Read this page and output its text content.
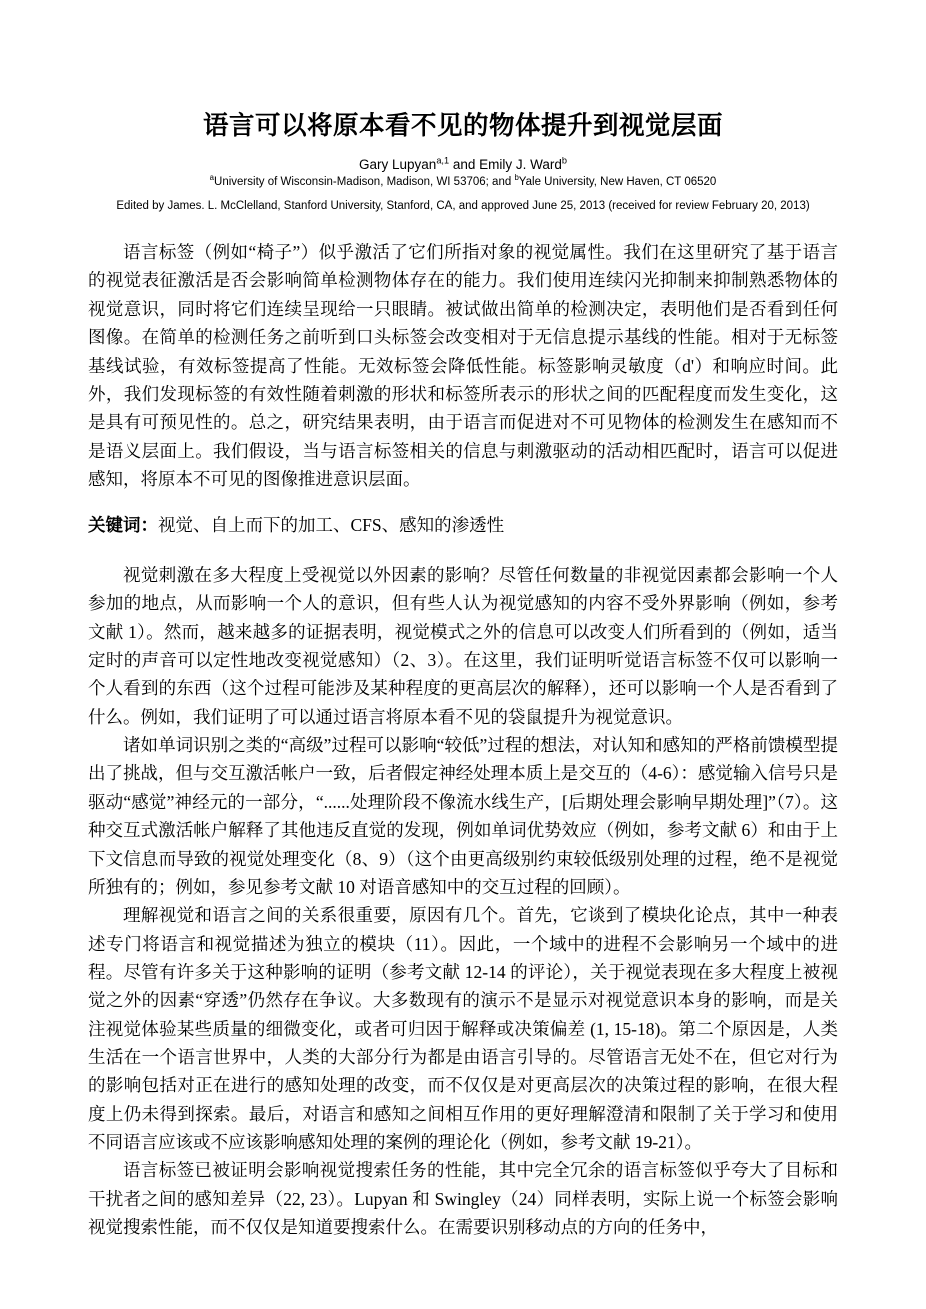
语言可以将原本看不见的物体提升到视觉层面
Gary Lupyan$^{a,1}$ and Emily J. Ward$^b$
$^a$University of Wisconsin-Madison, Madison, WI 53706; and $^b$Yale University, New Haven, CT 06520
Edited by James. L. McClelland, Stanford University, Stanford, CA, and approved June 25, 2013 (received for review February 20, 2013)

语言标签（例如“椅子”）似乎激活了它们所指对象的视觉属性。我们在这里研究了基于语言的视觉表征激活是否会影响简单检测物体存在的能力。我们使用连续闪光抑制来抑制熟悉物体的视觉意识，同时将它们连续呈现给一只眼睛。被试做出简单的检测决定，表明他们是否看到任何图像。在简单的检测任务之前听到口头标签会改变相对于无信息提示基线的性能。相对于无标签基线试验，有效标签提高了性能。无效标签会降低性能。标签影响灵敏度（d'）和响应时间。此外，我们发现标签的有效性随着刺激的形状和标签所表示的形状之间的匹配程度而发生变化，这是具有可预见性的。总之，研究结果表明，由于语言而促进对不可见物体的检测发生在感知而不是语义层面上。我们假设，当与语言标签相关的信息与刺激驱动的活动相匹配时，语言可以促进感知，将原本不可见的图像推进意识层面。

关键词：视觉、自上而下的加工、CFS、感知的渗透性

视觉刺激在多大程度上受视觉以外因素的影响？尽管任何数量的非视觉因素都会影响一个人参加的地点，从而影响一个人的意识，但有些人认为视觉感知的内容不受外界影响（例如，参考文献 1）。然而，越来越多的证据表明，视觉模式之外的信息可以改变人们所看到的（例如，适当定时的声音可以定性地改变视觉感知）（2、3）。在这里，我们证明听觉语言标签不仅可以影响一个人看到的东西（这个过程可能涉及某种程度的更高层次的解释），还可以影响一个人是否看到了什么。例如，我们证明了可以通过语言将原本看不见的袋鼠提升为视觉意识。

诸如单词识别之类的“高级”过程可以影响“较低”过程的想法，对认知和感知的严格前馈模型提出了挑战，但与交互激活帐户一致，后者假定神经处理本质上是交互的（4-6）：感觉输入信号只是驱动“感觉”神经元的一部分，“......处理阶段不像流水线生产，[后期处理会影响早期处理]”（7）。这种交互式激活帐户解释了其他违反直觉的发现，例如单词优势效应（例如，参考文献 6）和由于上下文信息而导致的视觉处理变化（8、9）（这个由更高级别约束较低级别处理的过程，绝不是视觉所独有的；例如，参见参考文献 10 对语音感知中的交互过程的回顾）。

理解视觉和语言之间的关系很重要，原因有几个。首先，它谈到了模块化论点，其中一种表述专门将语言和视觉描述为独立的模块（11）。因此，一个域中的进程不会影响另一个域中的进程。尽管有许多关于这种影响的证明（参考文献 12-14 的评论），关于视觉表现在多大程度上被视觉之外的因素“穿透”仍然存在争议。大多数现有的演示不是显示对视觉意识本身的影响，而是关注视觉体验某些质量的细微变化，或者可归因于解释或决策偏差 (1, 15-18)。第二个原因是，人类生活在一个语言世界中，人类的大部分行为都是由语言引导的。尽管语言无处不在，但它对行为的影响包括对正在进行的感知处理的改变，而不仅仅是对更高层次的决策过程的影响，在很大程度上仍未得到探索。最后，对语言和感知之间相互作用的更好理解澄清和限制了关于学习和使用不同语言应该或不应该影响感知处理的案例的理论化（例如，参考文献 19-21）。

语言标签已被证明会影响视觉搜索任务的性能，其中完全冗余的语言标签似乎夸大了目标和干扰者之间的感知差异（22, 23）。Lupyan 和 Swingley（24）同样表明，实际上说一个标签会影响视觉搜索性能，而不仅仅是知道要搜索什么。在需要识别移动点的方向的任务中，
